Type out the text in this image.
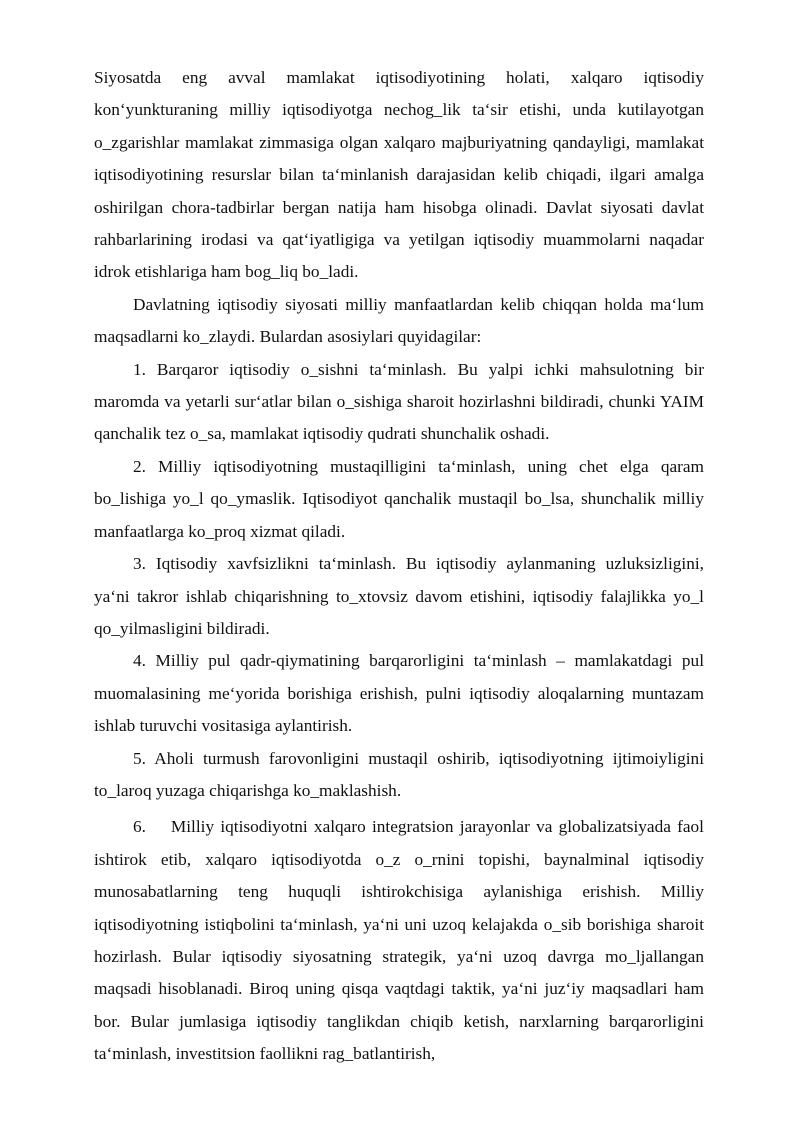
Siyosatda eng avval mamlakat iqtisodiyotining holati, xalqaro iqtisodiy kon‘yunkturaning milliy iqtisodiyotga nechog_lik ta‘sir etishi, unda kutilayotgan o_zgarishlar mamlakat zimmasiga olgan xalqaro majburiyatning qandayligi, mamlakat iqtisodiyotining resurslar bilan ta‘minlanish darajasidan kelib chiqadi, ilgari amalga oshirilgan chora-tadbirlar bergan natija ham hisobga olinadi. Davlat siyosati davlat rahbarlarining irodasi va qat‘iyatligiga va yetilgan iqtisodiy muammolarni naqadar idrok etishlariga ham bog_liq bo_ladi.

Davlatning iqtisodiy siyosati milliy manfaatlardan kelib chiqqan holda ma‘lum maqsadlarni ko_zlaydi. Bulardan asosiylari quyidagilar:

1. Barqaror iqtisodiy o_sishni ta‘minlash. Bu yalpi ichki mahsulotning bir maromda va yetarli sur‘atlar bilan o_sishiga sharoit hozirlashni bildiradi, chunki YAIM qanchalik tez o_sa, mamlakat iqtisodiy qudrati shunchalik oshadi.

2. Milliy iqtisodiyotning mustaqilligini ta‘minlash, uning chet elga qaram bo_lishiga yo_l qo_ymaslik. Iqtisodiyot qanchalik mustaqil bo_lsa, shunchalik milliy manfaatlarga ko_proq xizmat qiladi.

3. Iqtisodiy xavfsizlikni ta‘minlash. Bu iqtisodiy aylanmaning uzluksizligini, ya‘ni takror ishlab chiqarishning to_xtovsiz davom etishini, iqtisodiy falajlikka yo_l qo_yilmasligini bildiradi.

4. Milliy pul qadr-qiymatining barqarorligini ta‘minlash – mamlakatdagi pul muomalasining me‘yorida borishiga erishish, pulni iqtisodiy aloqalarning muntazam ishlab turuvchi vositasiga aylantirish.

5. Aholi turmush farovonligini mustaqil oshirib, iqtisodiyotning ijtimoiyligini to_laroq yuzaga chiqarishga ko_maklashish.

6.    Milliy iqtisodiyotni xalqaro integratsion jarayonlar va globalizatsiyada faol ishtirok etib, xalqaro iqtisodiyotda o_z o_rnini topishi, baynalminal iqtisodiy munosabatlarning teng huquqli ishtirokchisiga aylanishiga erishish. Milliy iqtisodiyotning istiqbolini ta‘minlash, ya‘ni uni uzoq kelajakda o_sib borishiga sharoit hozirlash. Bular iqtisodiy siyosatning strategik, ya‘ni uzoq davrga mo_ljallangan maqsadi hisoblanadi. Biroq uning qisqa vaqtdagi taktik, ya‘ni juz‘iy maqsadlari ham bor. Bular jumlasiga iqtisodiy tanglikdan chiqib ketish, narxlarning barqarorligini ta‘minlash, investitsion faollikni rag_batlantirish,
